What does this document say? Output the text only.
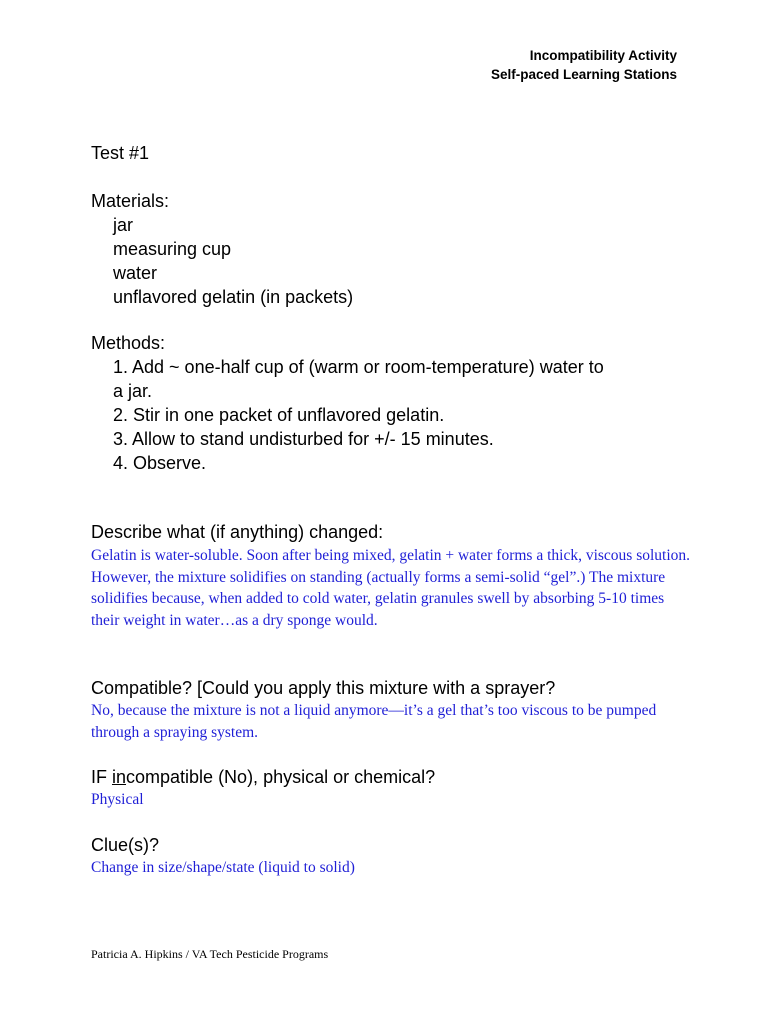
Incompatibility Activity
Self-paced Learning Stations
Test #1
Materials:
jar
measuring cup
water
unflavored gelatin (in packets)
Methods:
1. Add ~ one-half cup of (warm or room-temperature) water to
a jar.
2. Stir in one packet of unflavored gelatin.
3. Allow to stand undisturbed for +/- 15 minutes.
4. Observe.
Describe what (if anything) changed:
Gelatin is water-soluble. Soon after being mixed, gelatin + water forms a thick, viscous solution. However, the mixture solidifies on standing (actually forms a semi-solid “gel”.) The mixture solidifies because, when added to cold water, gelatin granules swell by absorbing 5-10 times their weight in water…as a dry sponge would.
Compatible? [Could you apply this mixture with a sprayer?
No, because the mixture is not a liquid anymore—it’s a gel that’s too viscous to be pumped through a spraying system.
IF incompatible (No), physical or chemical?
Physical
Clue(s)?
Change in size/shape/state (liquid to solid)
Patricia A. Hipkins / VA Tech Pesticide Programs
